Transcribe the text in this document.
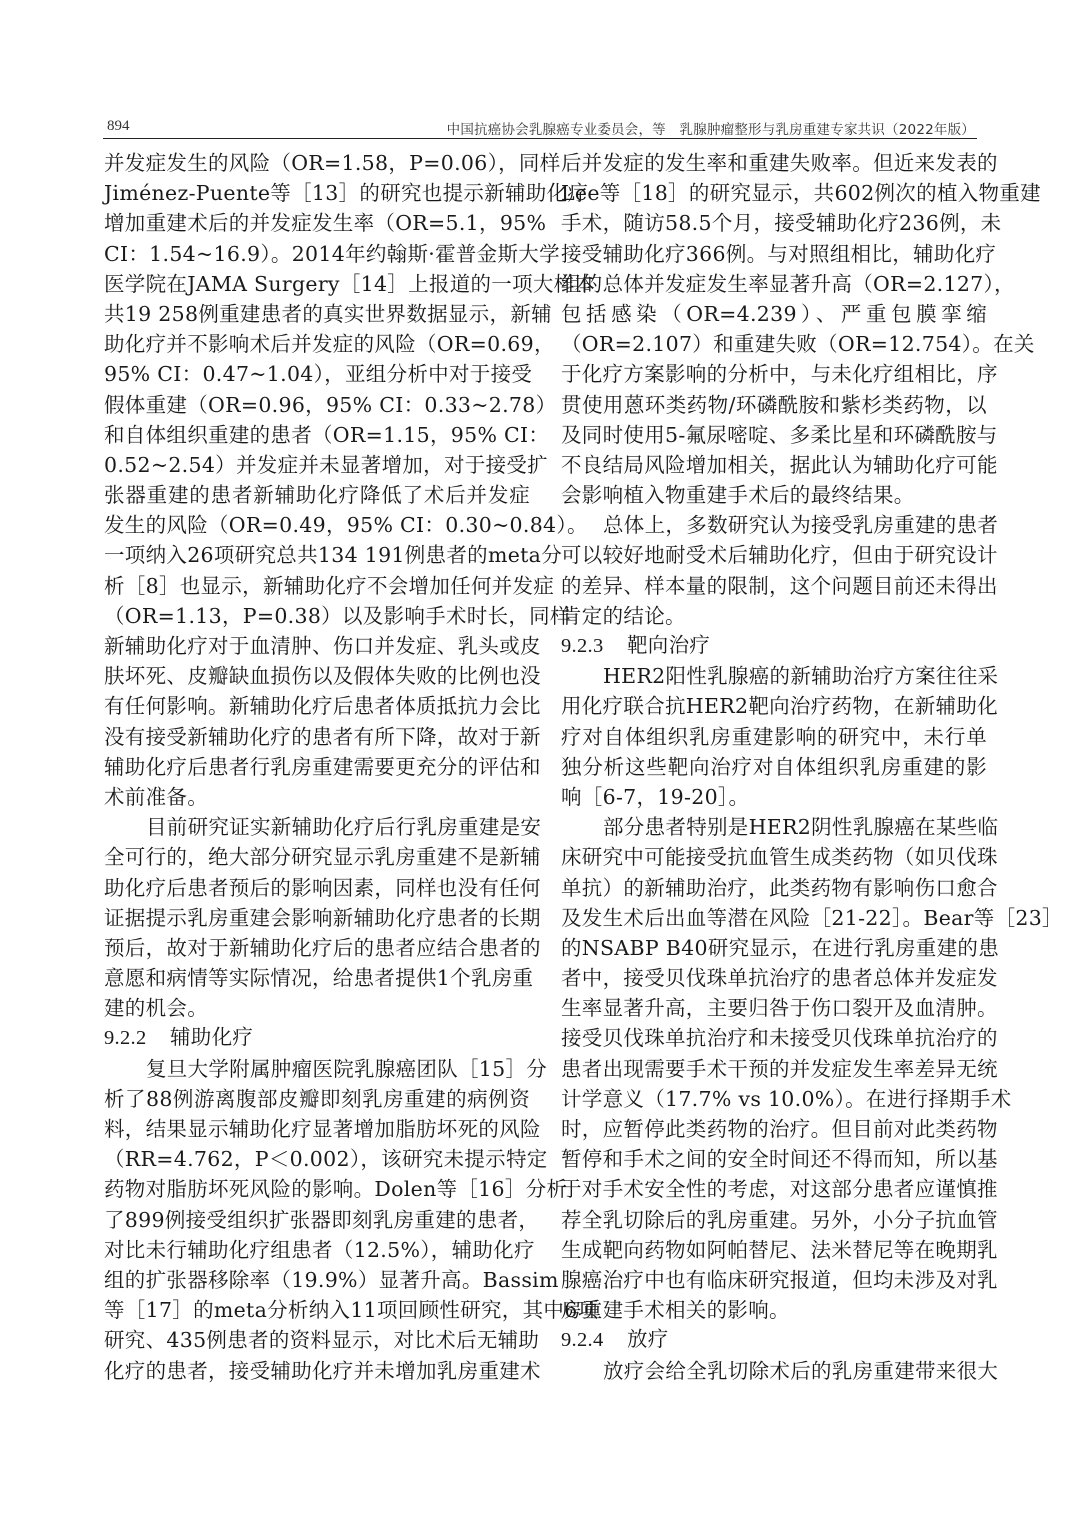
894	中国抗癌协会乳腺癌专业委员会，等　乳腺肿瘤整形与乳房重建专家共识（2022年版）
并发症发生的风险（OR=1.58，P=0.06），同样
Jiménez-Puente等［13］的研究也提示新辅助化疗
增加重建术后的并发症发生率（OR=5.1，95%
CI：1.54~16.9）。2014年约翰斯·霍普金斯大学
医学院在JAMA Surgery［14］上报道的一项大样本
共19 258例重建患者的真实世界数据显示，新辅
助化疗并不影响术后并发症的风险（OR=0.69，
95% CI：0.47~1.04），亚组分析中对于接受
假体重建（OR=0.96，95% CI：0.33~2.78）
和自体组织重建的患者（OR=1.15，95% CI：
0.52~2.54）并发症并未显著增加，对于接受扩
张器重建的患者新辅助化疗降低了术后并发症
发生的风险（OR=0.49，95% CI：0.30~0.84）。
一项纳入26项研究总共134 191例患者的meta分
析［8］也显示，新辅助化疗不会增加任何并发症
（OR=1.13，P=0.38）以及影响手术时长，同样
新辅助化疗对于血清肿、伤口并发症、乳头或皮
肤坏死、皮瓣缺血损伤以及假体失败的比例也没
有任何影响。新辅助化疗后患者体质抵抗力会比
没有接受新辅助化疗的患者有所下降，故对于新
辅助化疗后患者行乳房重建需要更充分的评估和
术前准备。
目前研究证实新辅助化疗后行乳房重建是安
全可行的，绝大部分研究显示乳房重建不是新辅
助化疗后患者预后的影响因素，同样也没有任何
证据提示乳房重建会影响新辅助化疗患者的长期
预后，故对于新辅助化疗后的患者应结合患者的
意愿和病情等实际情况，给患者提供1个乳房重
建的机会。
9.2.2 辅助化疗
复旦大学附属肿瘤医院乳腺癌团队［15］分
析了88例游离腹部皮瓣即刻乳房重建的病例资
料，结果显示辅助化疗显著增加脂肪坏死的风险
（RR=4.762，P＜0.002），该研究未提示特定
药物对脂肪坏死风险的影响。Dolen等［16］分析
了899例接受组织扩张器即刻乳房重建的患者，
对比未行辅助化疗组患者（12.5%），辅助化疗
组的扩张器移除率（19.9%）显著升高。Bassim
等［17］的meta分析纳入11项回顾性研究，其中6项
研究、435例患者的资料显示，对比术后无辅助
化疗的患者，接受辅助化疗并未增加乳房重建术
后并发症的发生率和重建失败率。但近来发表的
Lee等［18］的研究显示，共602例次的植入物重建
手术，随访58.5个月，接受辅助化疗236例，未
接受辅助化疗366例。与对照组相比，辅助化疗
组的总体并发症发生率显著升高（OR=2.127），
包括感染（OR=4.239）、严重包膜挛缩
（OR=2.107）和重建失败（OR=12.754）。在关
于化疗方案影响的分析中，与未化疗组相比，序
贯使用蒽环类药物/环磷酰胺和紫杉类药物，以
及同时使用5-氟尿嘧啶、多柔比星和环磷酰胺与
不良结局风险增加相关，据此认为辅助化疗可能
会影响植入物重建手术后的最终结果。
总体上，多数研究认为接受乳房重建的患者
可以较好地耐受术后辅助化疗，但由于研究设计
的差异、样本量的限制，这个问题目前还未得出
肯定的结论。
9.2.3 靶向治疗
HER2阳性乳腺癌的新辅助治疗方案往往采
用化疗联合抗HER2靶向治疗药物，在新辅助化
疗对自体组织乳房重建影响的研究中，未行单
独分析这些靶向治疗对自体组织乳房重建的影
响［6-7，19-20］。
部分患者特别是HER2阴性乳腺癌在某些临
床研究中可能接受抗血管生成类药物（如贝伐珠
单抗）的新辅助治疗，此类药物有影响伤口愈合
及发生术后出血等潜在风险［21-22］。Bear等［23］
的NSABP B40研究显示，在进行乳房重建的患
者中，接受贝伐珠单抗治疗的患者总体并发症发
生率显著升高，主要归咎于伤口裂开及血清肿。
接受贝伐珠单抗治疗和未接受贝伐珠单抗治疗的
患者出现需要手术干预的并发症发生率差异无统
计学意义（17.7% vs 10.0%）。在进行择期手术
时，应暂停此类药物的治疗。但目前对此类药物
暂停和手术之间的安全时间还不得而知，所以基
于对手术安全性的考虑，对这部分患者应谨慎推
荐全乳切除后的乳房重建。另外，小分子抗血管
生成靶向药物如阿帕替尼、法米替尼等在晚期乳
腺癌治疗中也有临床研究报道，但均未涉及对乳
房重建手术相关的影响。
9.2.4 放疗
放疗会给全乳切除术后的乳房重建带来很大
